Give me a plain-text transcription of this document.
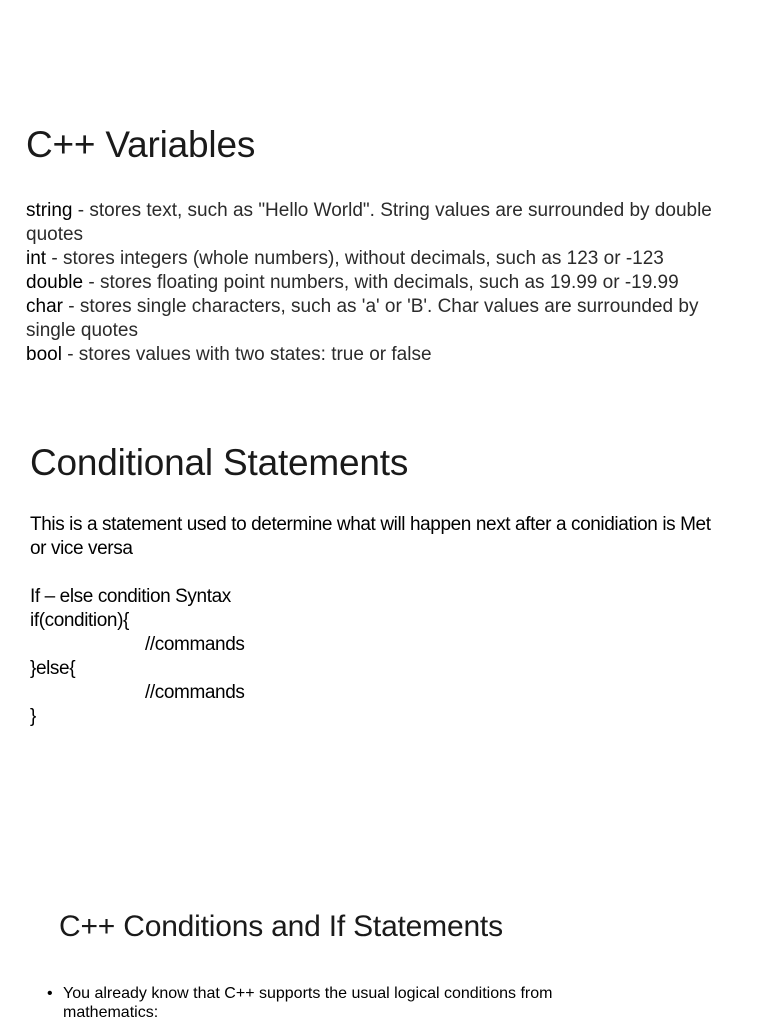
C++ Variables

string - stores text, such as "Hello World". String values are surrounded by double quotes

int - stores integers (whole numbers), without decimals, such as 123 or -123

double - stores floating point numbers, with decimals, such as 19.99 or -19.99

char - stores single characters, such as 'a' or 'B'. Char values are surrounded by single quotes

bool - stores values with two states: true or false

Conditional Statements

This is a statement used to determine what will happen next after a conidiation is Met or vice versa

If – else condition Syntax

if(condition){

//commands

}else{

//commands

}

C++ Conditions and If Statements
• You already know that C++ supports the usual logical conditions from mathematics:
